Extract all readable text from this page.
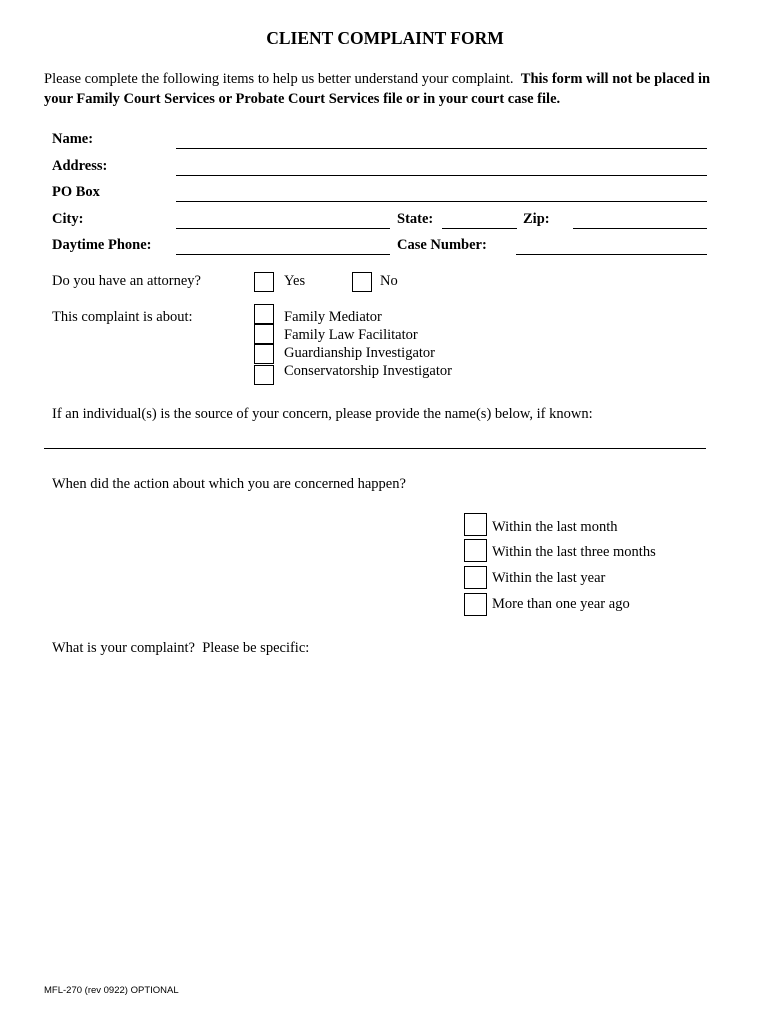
CLIENT COMPLAINT FORM
Please complete the following items to help us better understand your complaint. This form will not be placed in your Family Court Services or Probate Court Services file or in your court case file.
Name:
Address:
PO Box
City:	State:	Zip:
Daytime Phone:	Case Number:
Do you have an attorney?	Yes	No
This complaint is about:	Family Mediator
Family Law Facilitator
Guardianship Investigator
Conservatorship Investigator
If an individual(s) is the source of your concern, please provide the name(s) below, if known:
When did the action about which you are concerned happen?
Within the last month
Within the last three months
Within the last year
More than one year ago
What is your complaint?  Please be specific:
MFL-270 (rev 0922) OPTIONAL
